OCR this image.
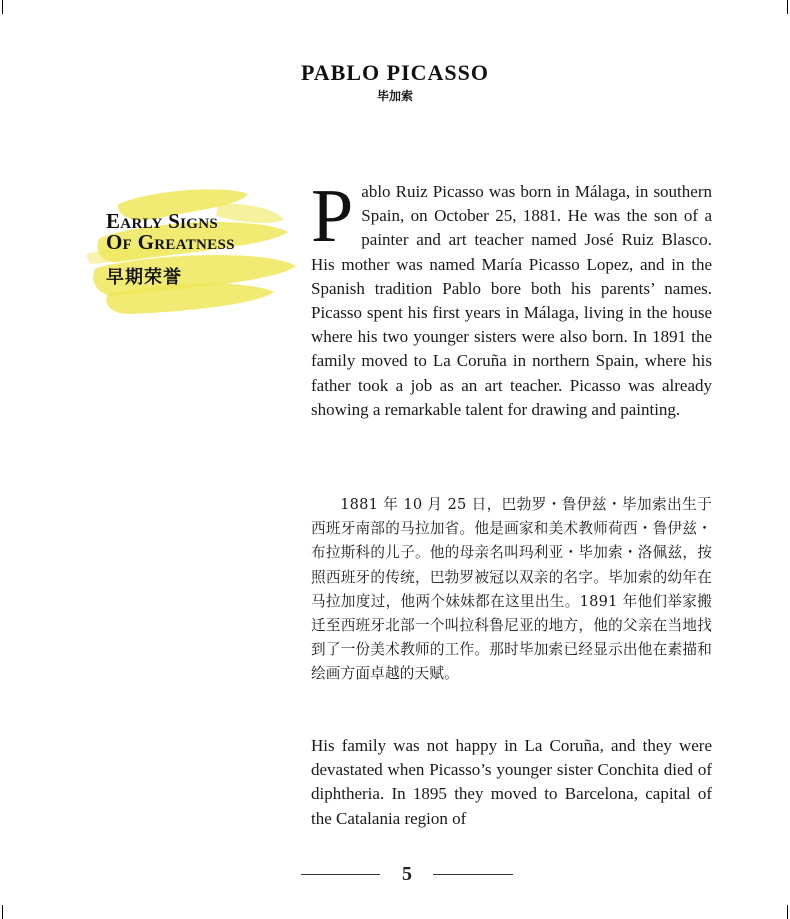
PABLO PICASSO
毕加索
Early Signs
Of Greatness
早期荣誉
Pablo Ruiz Picasso was born in Málaga, in southern Spain, on October 25, 1881. He was the son of a painter and art teacher named José Ruiz Blasco. His mother was named María Picasso Lopez, and in the Spanish tradition Pablo bore both his parents’ names. Picasso spent his first years in Málaga, living in the house where his two younger sisters were also born. In 1891 the family moved to La Coruña in northern Spain, where his father took a job as an art teacher. Picasso was already showing a remarkable talent for drawing and painting.
1881 年 10 月 25 日，巴勃罗・鲁伊兹・毕加索出生于西班牙南部的马拉加省。他是画家和美术教师荷西・鲁伊兹・布拉斯科的儿子。他的母亲名叫玛利亚・毕加索・洛佩兹，按照西班牙的传统，巴勃罗被冠以双亲的名字。毕加索的幼年在马拉加度过，他两个妹妹都在这里出生。1891 年他们举家搬迁至西班牙北部一个叫拉科鲁尼亚的地方，他的父亲在当地找到了一份美术教师的工作。那时毕加索已经显示出他在素描和绘画方面卓越的天赋。
His family was not happy in La Coruña, and they were devastated when Picasso’s younger sister Conchita died of diphtheria. In 1895 they moved to Barcelona, capital of the Catalania region of
5
